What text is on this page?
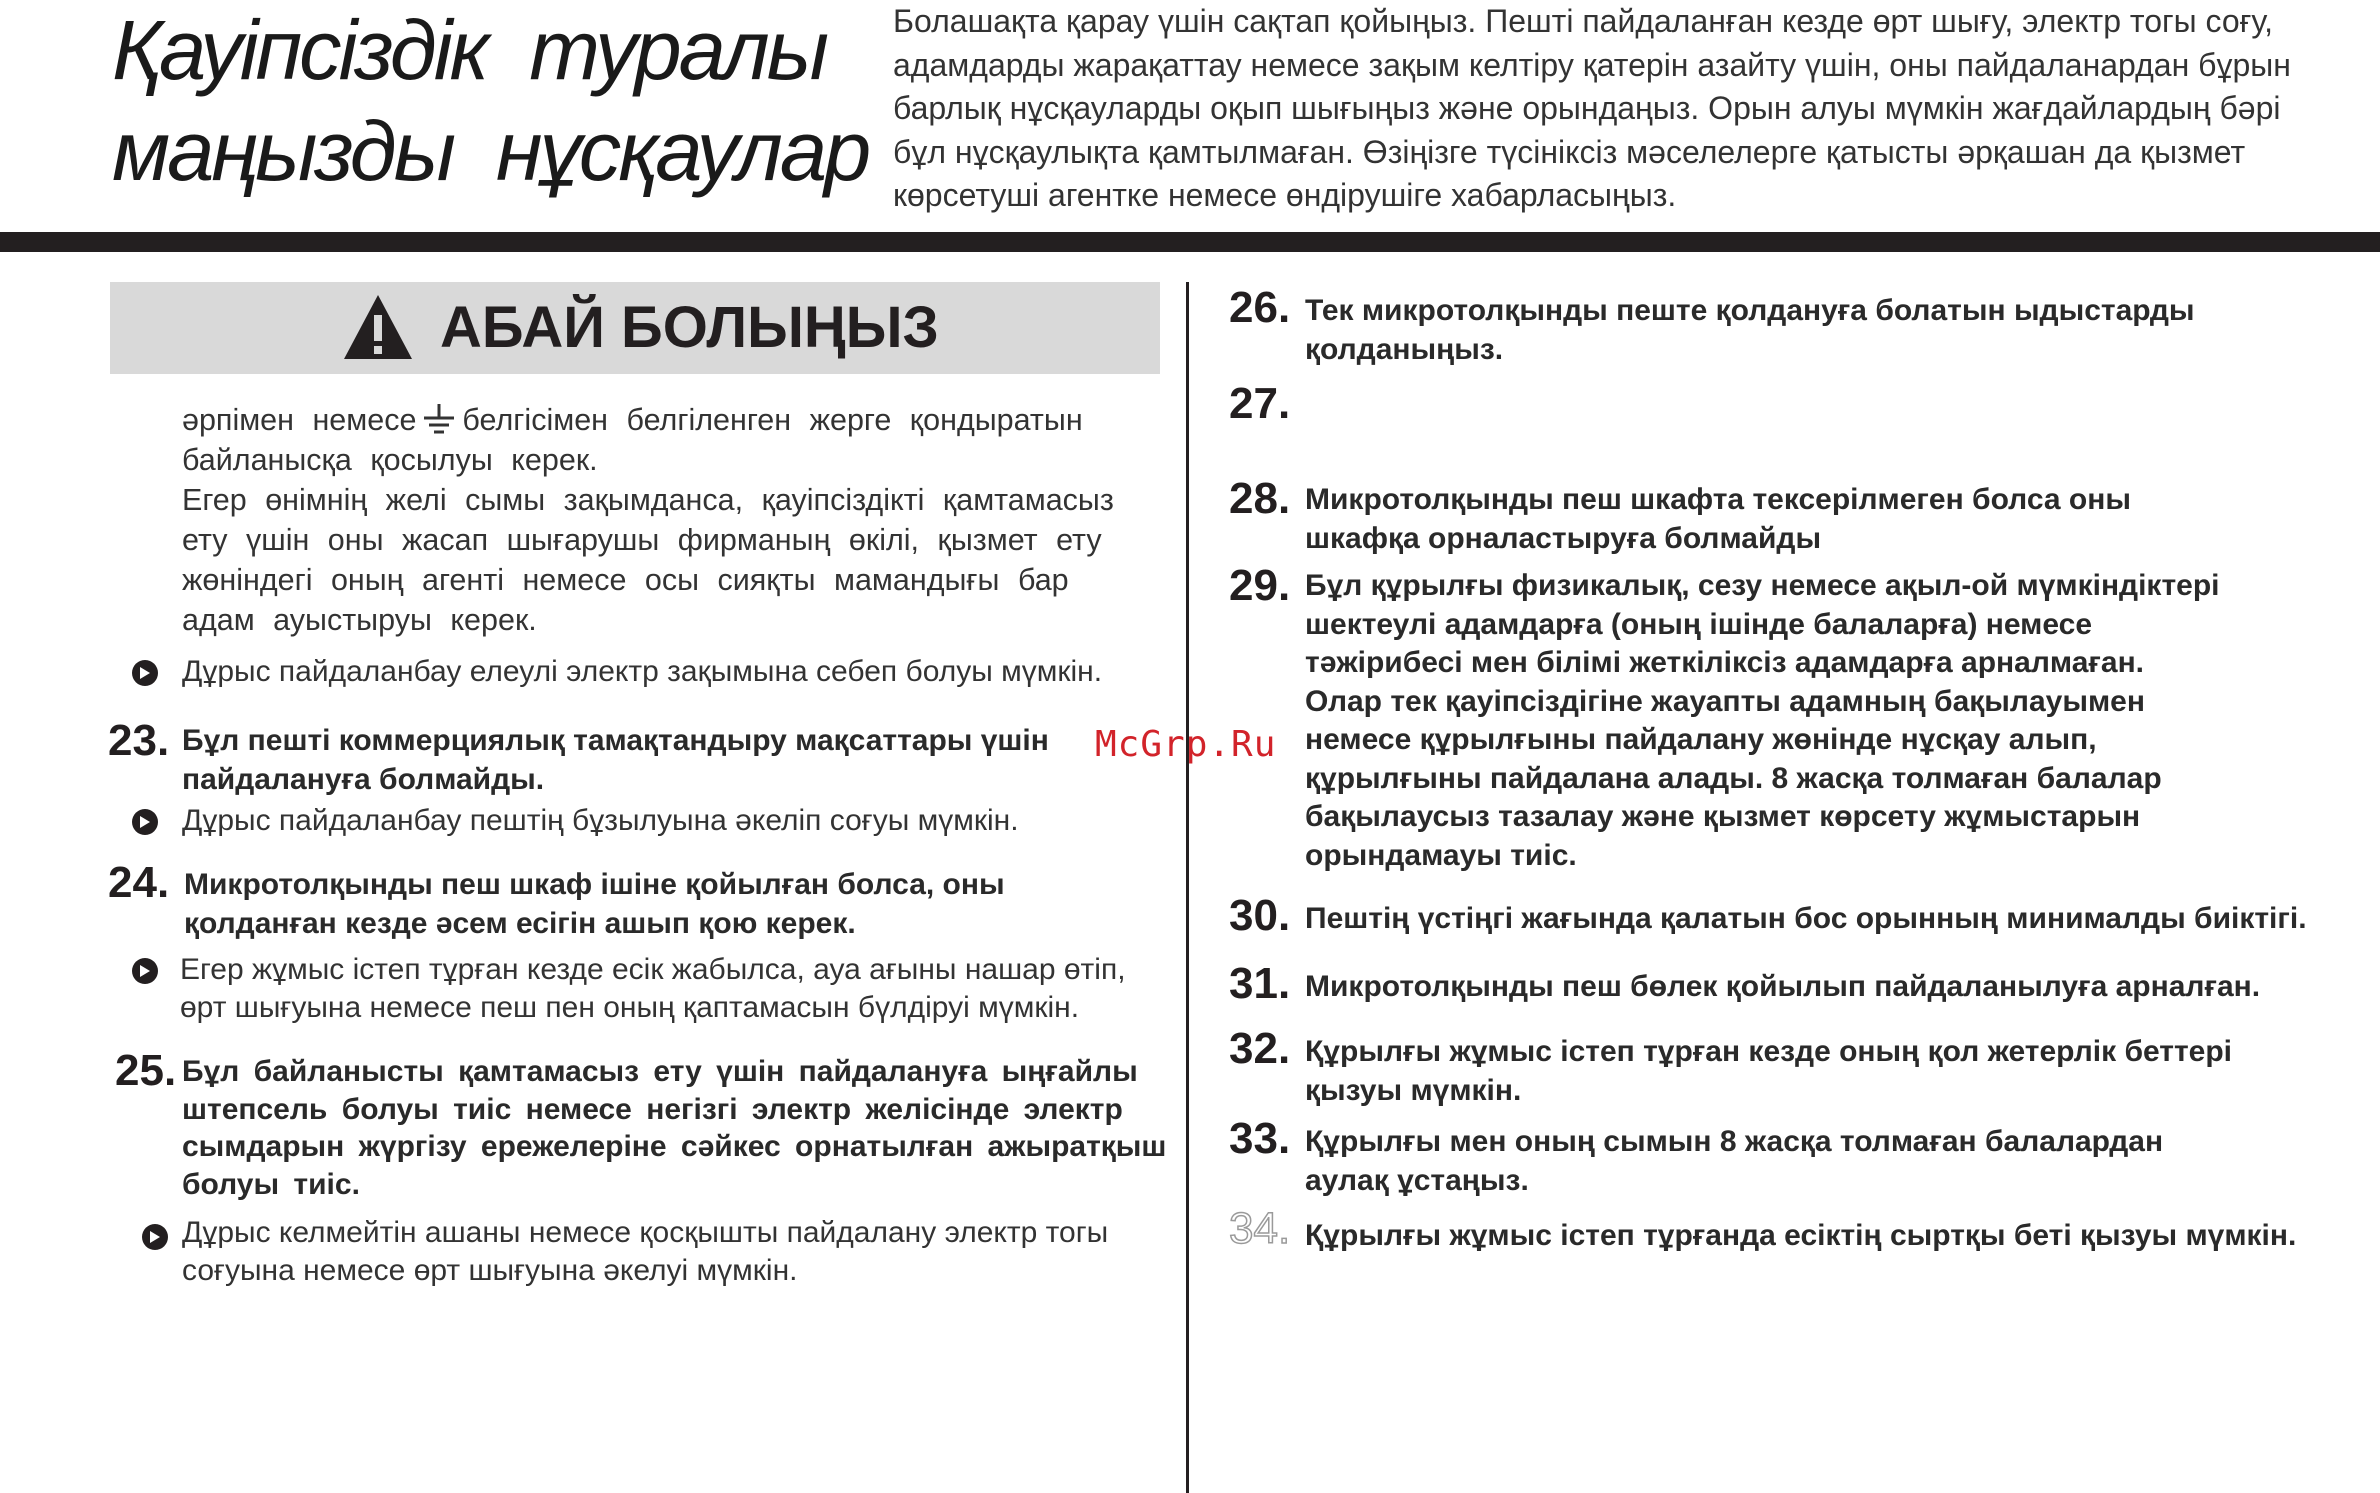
Қауіпсіздік туралы
маңызды нұсқаулар
Болашақта қарау үшін сақтап қойыңыз. Пешті пайдаланған кезде өрт шығу, электр тогы соғу,
адамдарды жарақаттау немесе зақым келтіру қатерін азайту үшін, оны пайдаланардан бұрын
барлық нұсқауларды оқып шығыңыз және орындаңыз. Орын алуы мүмкін жағдайлардың бәрі
бұл нұсқаулықта қамтылмаған. Өзіңізге түсініксіз мәселелерге қатысты әрқашан да қызмет
көрсетуші агентке немесе өндірушіге хабарласыңыз.
АБАЙ БОЛЫҢЫЗ
әрпімен немесе белгісімен белгіленген жерге қондыратын
байланысқа қосылуы керек.
Егер өнімнің желі сымы зақымданса, қауіпсіздікті қамтамасыз
ету үшін оны жасап шығарушы фирманың өкілі, қызмет ету
жөніндегі оның агенті немесе осы сияқты мамандығы бар
адам ауыстыруы керек.
Дұрыс пайдаланбау елеулі электр зақымына себеп болуы мүмкін.
23. Бұл пешті коммерциялық тамақтандыру мақсаттары үшін
пайдалануға болмайды.
Дұрыс пайдаланбау пештің бұзылуына әкеліп соғуы мүмкін.
24. Микротолқынды пеш шкаф ішіне қойылған болса, оны
қолданған кезде әсем есігін ашып қою керек.
Егер жұмыс істеп тұрған кезде есік жабылса, ауа ағыны нашар өтіп,
өрт шығуына немесе пеш пен оның қаптамасын бүлдіруі мүмкін.
25. Бұл байланысты қамтамасыз ету үшін пайдалануға ыңғайлы
штепсель болуы тиіс немесе негізгі электр желісінде электр
сымдарын жүргізу ережелеріне сәйкес орнатылған ажыратқыш
болуы тиіс.
Дұрыс келмейтін ашаны немесе қосқышты пайдалану электр тогы
соғуына немесе өрт шығуына әкелуі мүмкін.
26. Тек микротолқынды пеште қолдануға болатын ыдыстарды
қолданыңыз.
27.
28. Микротолқынды пеш шкафта тексерілмеген болса оны
шкафқа орналастыруға болмайды
29. Бұл құрылғы физикалық, сезу немесе ақыл-ой мүмкіндіктері
шектеулі адамдарға (оның ішінде балаларға) немесе
тәжірибесі мен білімі жеткіліксіз адамдарға арналмаған.
Олар тек қауіпсіздігіне жауапты адамның бақылауымен
немесе құрылғыны пайдалану жөнінде нұсқау алып,
құрылғыны пайдалана алады. 8 жасқа толмаған балалар
бақылаусыз тазалау және қызмет көрсету жұмыстарын
орындамауы тиіс.
30. Пештің үстіңгі жағында қалатын бос орынның минималды биіктігі.
31. Микротолқынды пеш бөлек қойылып пайдаланылуға арналған.
32. Құрылғы жұмыс істеп тұрған кезде оның қол жетерлік беттері
қызуы мүмкін.
33. Құрылғы мен оның сымын 8 жасқа толмаған балалардан
аулақ ұстаңыз.
34. Құрылғы жұмыс істеп тұрғанда есіктің сыртқы беті қызуы мүмкін.
McGrp.Ru
